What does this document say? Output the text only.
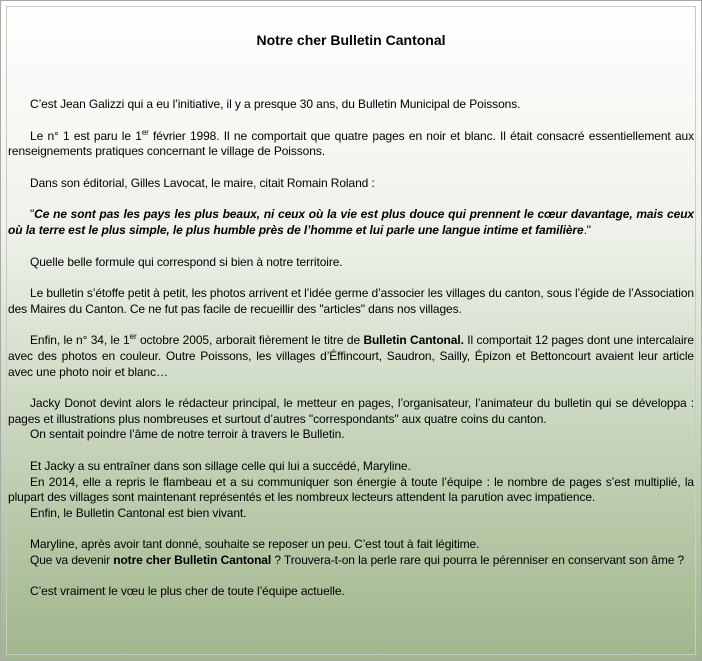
Notre cher Bulletin Cantonal

C’est Jean Galizzi qui a eu l’initiative, il y a presque 30 ans, du Bulletin Municipal de Poissons.

Le n° 1 est paru le 1er février 1998. Il ne comportait que quatre pages en noir et blanc. Il était consacré essentiellement aux renseignements pratiques concernant le village de Poissons.

Dans son éditorial, Gilles Lavocat, le maire, citait Romain Roland :

"Ce ne sont pas les pays les plus beaux, ni ceux où la vie est plus douce qui prennent le cœur davantage, mais ceux où la terre est le plus simple, le plus humble près de l’homme et lui parle une langue intime et familière."

Quelle belle formule qui correspond si bien à notre territoire.

Le bulletin s’étoffe petit à petit, les photos arrivent et l’idée germe d’associer les villages du canton, sous l’égide de l’Association des Maires du Canton. Ce ne fut pas facile de recueillir des "articles" dans nos villages.

Enfin, le n° 34, le 1er octobre 2005, arborait fièrement le titre de Bulletin Cantonal. Il comportait 12 pages dont une intercalaire avec des photos en couleur. Outre Poissons, les villages d’Éffincourt, Saudron, Sailly, Épizon et Bettoncourt avaient leur article avec une photo noir et blanc…

Jacky Donot devint alors le rédacteur principal, le metteur en pages, l’organisateur, l’animateur du bulletin qui se développa : pages et illustrations plus nombreuses et surtout d’autres "correspondants" aux quatre coins du canton.

On sentait poindre l’âme de notre terroir à travers le Bulletin.

Et Jacky a su entraîner dans son sillage celle qui lui a succédé, Maryline.

En 2014, elle a repris le flambeau et a su communiquer son énergie à toute l’équipe : le nombre de pages s’est multiplié, la plupart des villages sont maintenant représentés et les nombreux lecteurs attendent la parution avec impatience.

Enfin, le Bulletin Cantonal est bien vivant.

Maryline, après avoir tant donné, souhaite se reposer un peu. C’est tout à fait légitime.

Que va devenir notre cher Bulletin Cantonal ? Trouvera-t-on la perle rare qui pourra le pérenniser en conservant son âme ?

C’est vraiment le vœu le plus cher de toute l’équipe actuelle.
